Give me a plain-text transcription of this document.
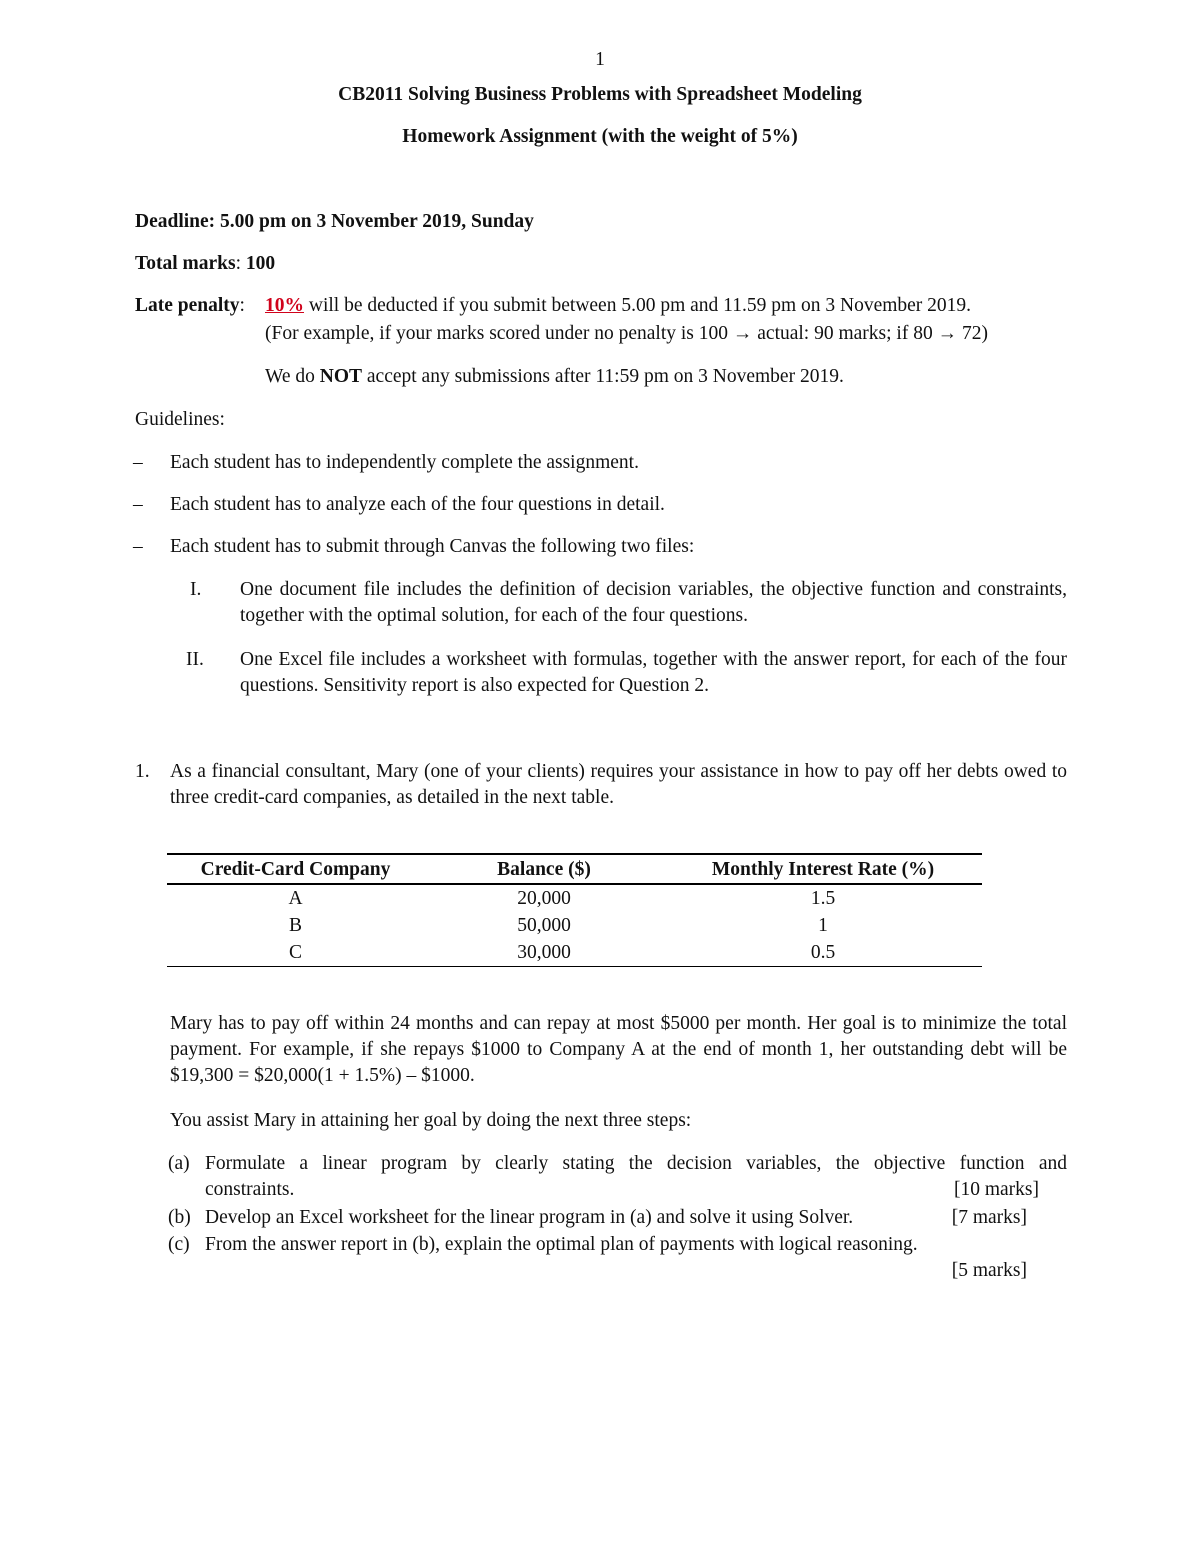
1
CB2011 Solving Business Problems with Spreadsheet Modeling
Homework Assignment (with the weight of 5%)
Deadline: 5.00 pm on 3 November 2019, Sunday
Total marks: 100
Late penalty: 10% will be deducted if you submit between 5.00 pm and 11.59 pm on 3 November 2019.
(For example, if your marks scored under no penalty is 100 → actual: 90 marks; if 80 → 72)
We do NOT accept any submissions after 11:59 pm on 3 November 2019.
Guidelines:
– Each student has to independently complete the assignment.
– Each student has to analyze each of the four questions in detail.
– Each student has to submit through Canvas the following two files:
I.	One document file includes the definition of decision variables, the objective function and constraints, together with the optimal solution, for each of the four questions.
II.	One Excel file includes a worksheet with formulas, together with the answer report, for each of the four questions. Sensitivity report is also expected for Question 2.
1. As a financial consultant, Mary (one of your clients) requires your assistance in how to pay off her debts owed to three credit-card companies, as detailed in the next table.
Credit-Card Company	Balance ($)	Monthly Interest Rate (%)
A	20,000	1.5
B	50,000	1
C	30,000	0.5
Mary has to pay off within 24 months and can repay at most $5000 per month. Her goal is to minimize the total payment. For example, if she repays $1000 to Company A at the end of month 1, her outstanding debt will be $19,300 = $20,000(1 + 1.5%) – $1000.
You assist Mary in attaining her goal by doing the next three steps:
(a) Formulate a linear program by clearly stating the decision variables, the objective function and
constraints.	[10 marks]
(b) Develop an Excel worksheet for the linear program in (a) and solve it using Solver.	[7 marks]
(c) From the answer report in (b), explain the optimal plan of payments with logical reasoning.
[5 marks]
